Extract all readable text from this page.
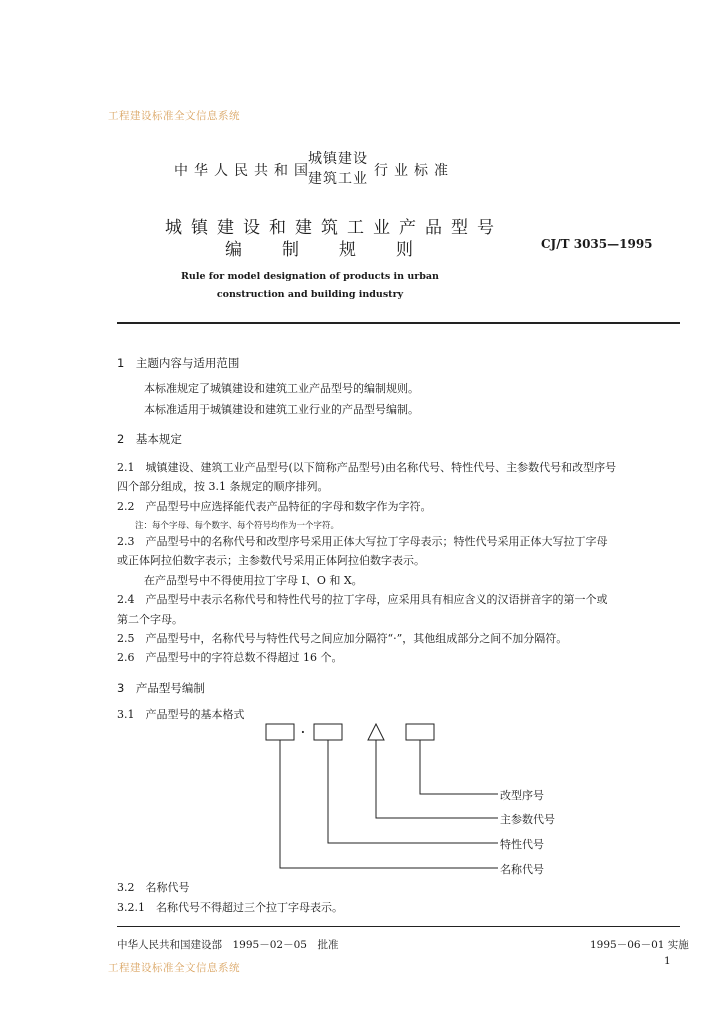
工程建设标准全文信息系统
中华人民共和国
城镇建设
建筑工业 行业标准
城镇建设和建筑工业产品型号
编制规则	CJ/T 3035—1995
Rule for model designation of products in urban
construction and building industry
1　主题内容与适用范围
本标准规定了城镇建设和建筑工业产品型号的编制规则。
本标准适用于城镇建设和建筑工业行业的产品型号编制。
2　基本规定
2.1　城镇建设、建筑工业产品型号(以下简称产品型号)由名称代号、特性代号、主参数代号和改型序号
四个部分组成，按 3.1 条规定的顺序排列。
2.2　产品型号中应选择能代表产品特征的字母和数字作为字符。
注：每个字母、每个数字、每个符号均作为一个字符。
2.3　产品型号中的名称代号和改型序号采用正体大写拉丁字母表示；特性代号采用正体大写拉丁字母
或正体阿拉伯数字表示；主参数代号采用正体阿拉伯数字表示。
在产品型号中不得使用拉丁字母 I、O 和 X。
2.4　产品型号中表示名称代号和特性代号的拉丁字母，应采用具有相应含义的汉语拼音字的第一个或
第二个字母。
2.5　产品型号中，名称代号与特性代号之间应加分隔符“·”，其他组成部分之间不加分隔符。
2.6　产品型号中的字符总数不得超过 16 个。
3　产品型号编制
3.1　产品型号的基本格式
·
改型序号
主参数代号
特性代号
名称代号
3.2　名称代号
3.2.1　名称代号不得超过三个拉丁字母表示。
中华人民共和国建设部　1995－02－05　批准	1995－06－01 实施
工程建设标准全文信息系统
1
